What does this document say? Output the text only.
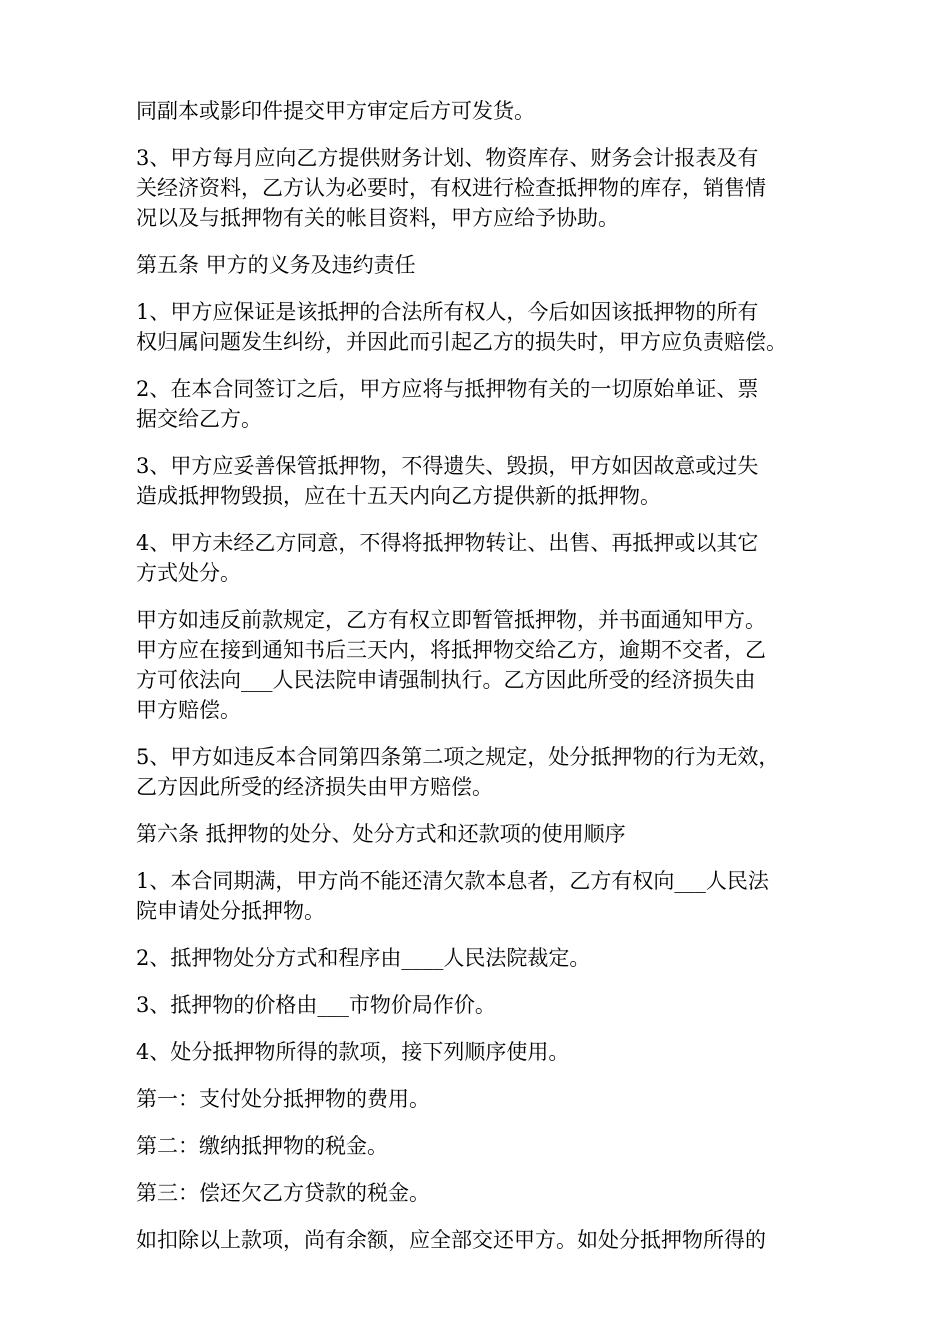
同副本或影印件提交甲方审定后方可发货。
3、甲方每月应向乙方提供财务计划、物资库存、财务会计报表及有
关经济资料，乙方认为必要时，有权进行检查抵押物的库存，销售情
况以及与抵押物有关的帐目资料，甲方应给予协助。
第五条 甲方的义务及违约责任
1、甲方应保证是该抵押的合法所有权人，今后如因该抵押物的所有
权归属问题发生纠纷，并因此而引起乙方的损失时，甲方应负责赔偿。
2、在本合同签订之后，甲方应将与抵押物有关的一切原始单证、票
据交给乙方。
3、甲方应妥善保管抵押物，不得遗失、毁损，甲方如因故意或过失
造成抵押物毁损，应在十五天内向乙方提供新的抵押物。
4、甲方未经乙方同意，不得将抵押物转让、出售、再抵押或以其它
方式处分。
甲方如违反前款规定，乙方有权立即暂管抵押物，并书面通知甲方。
甲方应在接到通知书后三天内，将抵押物交给乙方，逾期不交者，乙
方可依法向___人民法院申请强制执行。乙方因此所受的经济损失由
甲方赔偿。
5、甲方如违反本合同第四条第二项之规定，处分抵押物的行为无效，
乙方因此所受的经济损失由甲方赔偿。
第六条 抵押物的处分、处分方式和还款项的使用顺序
1、本合同期满，甲方尚不能还清欠款本息者，乙方有权向___人民法
院申请处分抵押物。
2、抵押物处分方式和程序由____人民法院裁定。
3、抵押物的价格由___市物价局作价。
4、处分抵押物所得的款项，接下列顺序使用。
第一：支付处分抵押物的费用。
第二：缴纳抵押物的税金。
第三：偿还欠乙方贷款的税金。
如扣除以上款项，尚有余额，应全部交还甲方。如处分抵押物所得的
